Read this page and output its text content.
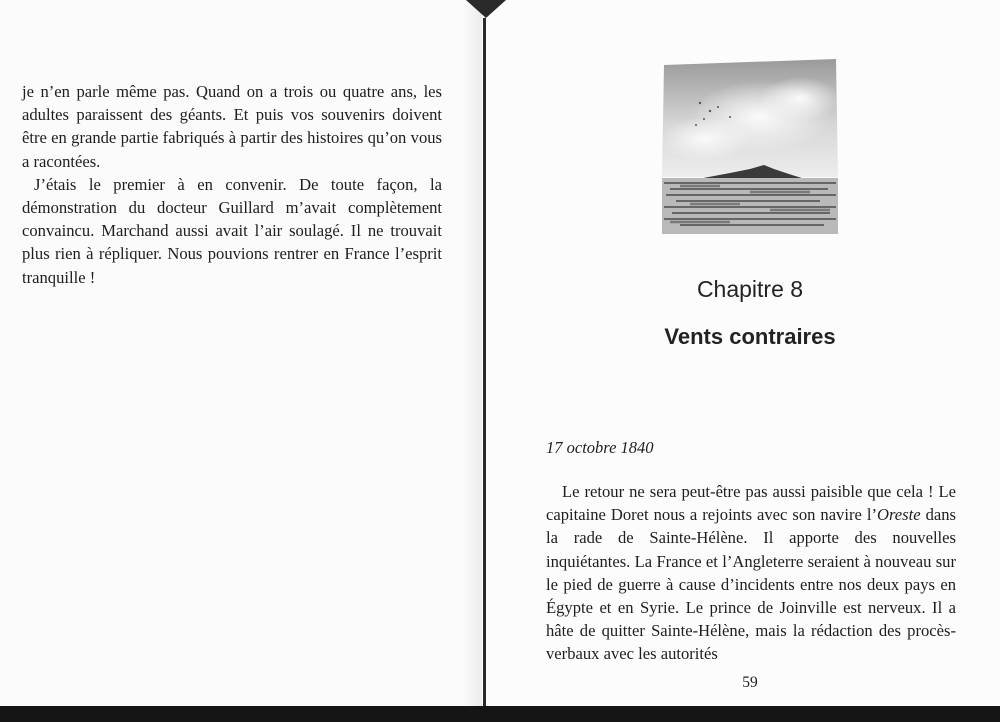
je n’en parle même pas. Quand on a trois ou quatre ans, les adultes paraissent des géants. Et puis vos souvenirs doivent être en grande partie fabriqués à partir des histoires qu’on vous a racontées.

J’étais le premier à en convenir. De toute façon, la démonstration du docteur Guillard m’avait complètement convaincu. Marchand aussi avait l’air soulagé. Il ne trouvait plus rien à répliquer. Nous pouvions rentrer en France l’esprit tranquille !	Chapitre 8
Vents contraires
17 octobre 1840

Le retour ne sera peut-être pas aussi paisible que cela ! Le capitaine Doret nous a rejoints avec son navire l’Oreste dans la rade de Sainte-Hélène. Il apporte des nouvelles inquiétantes. La France et l’Angleterre seraient à nouveau sur le pied de guerre à cause d’incidents entre nos deux pays en Égypte et en Syrie. Le prince de Joinville est nerveux. Il a hâte de quitter Sainte-Hélène, mais la rédaction des procès-verbaux avec les autorités

59
